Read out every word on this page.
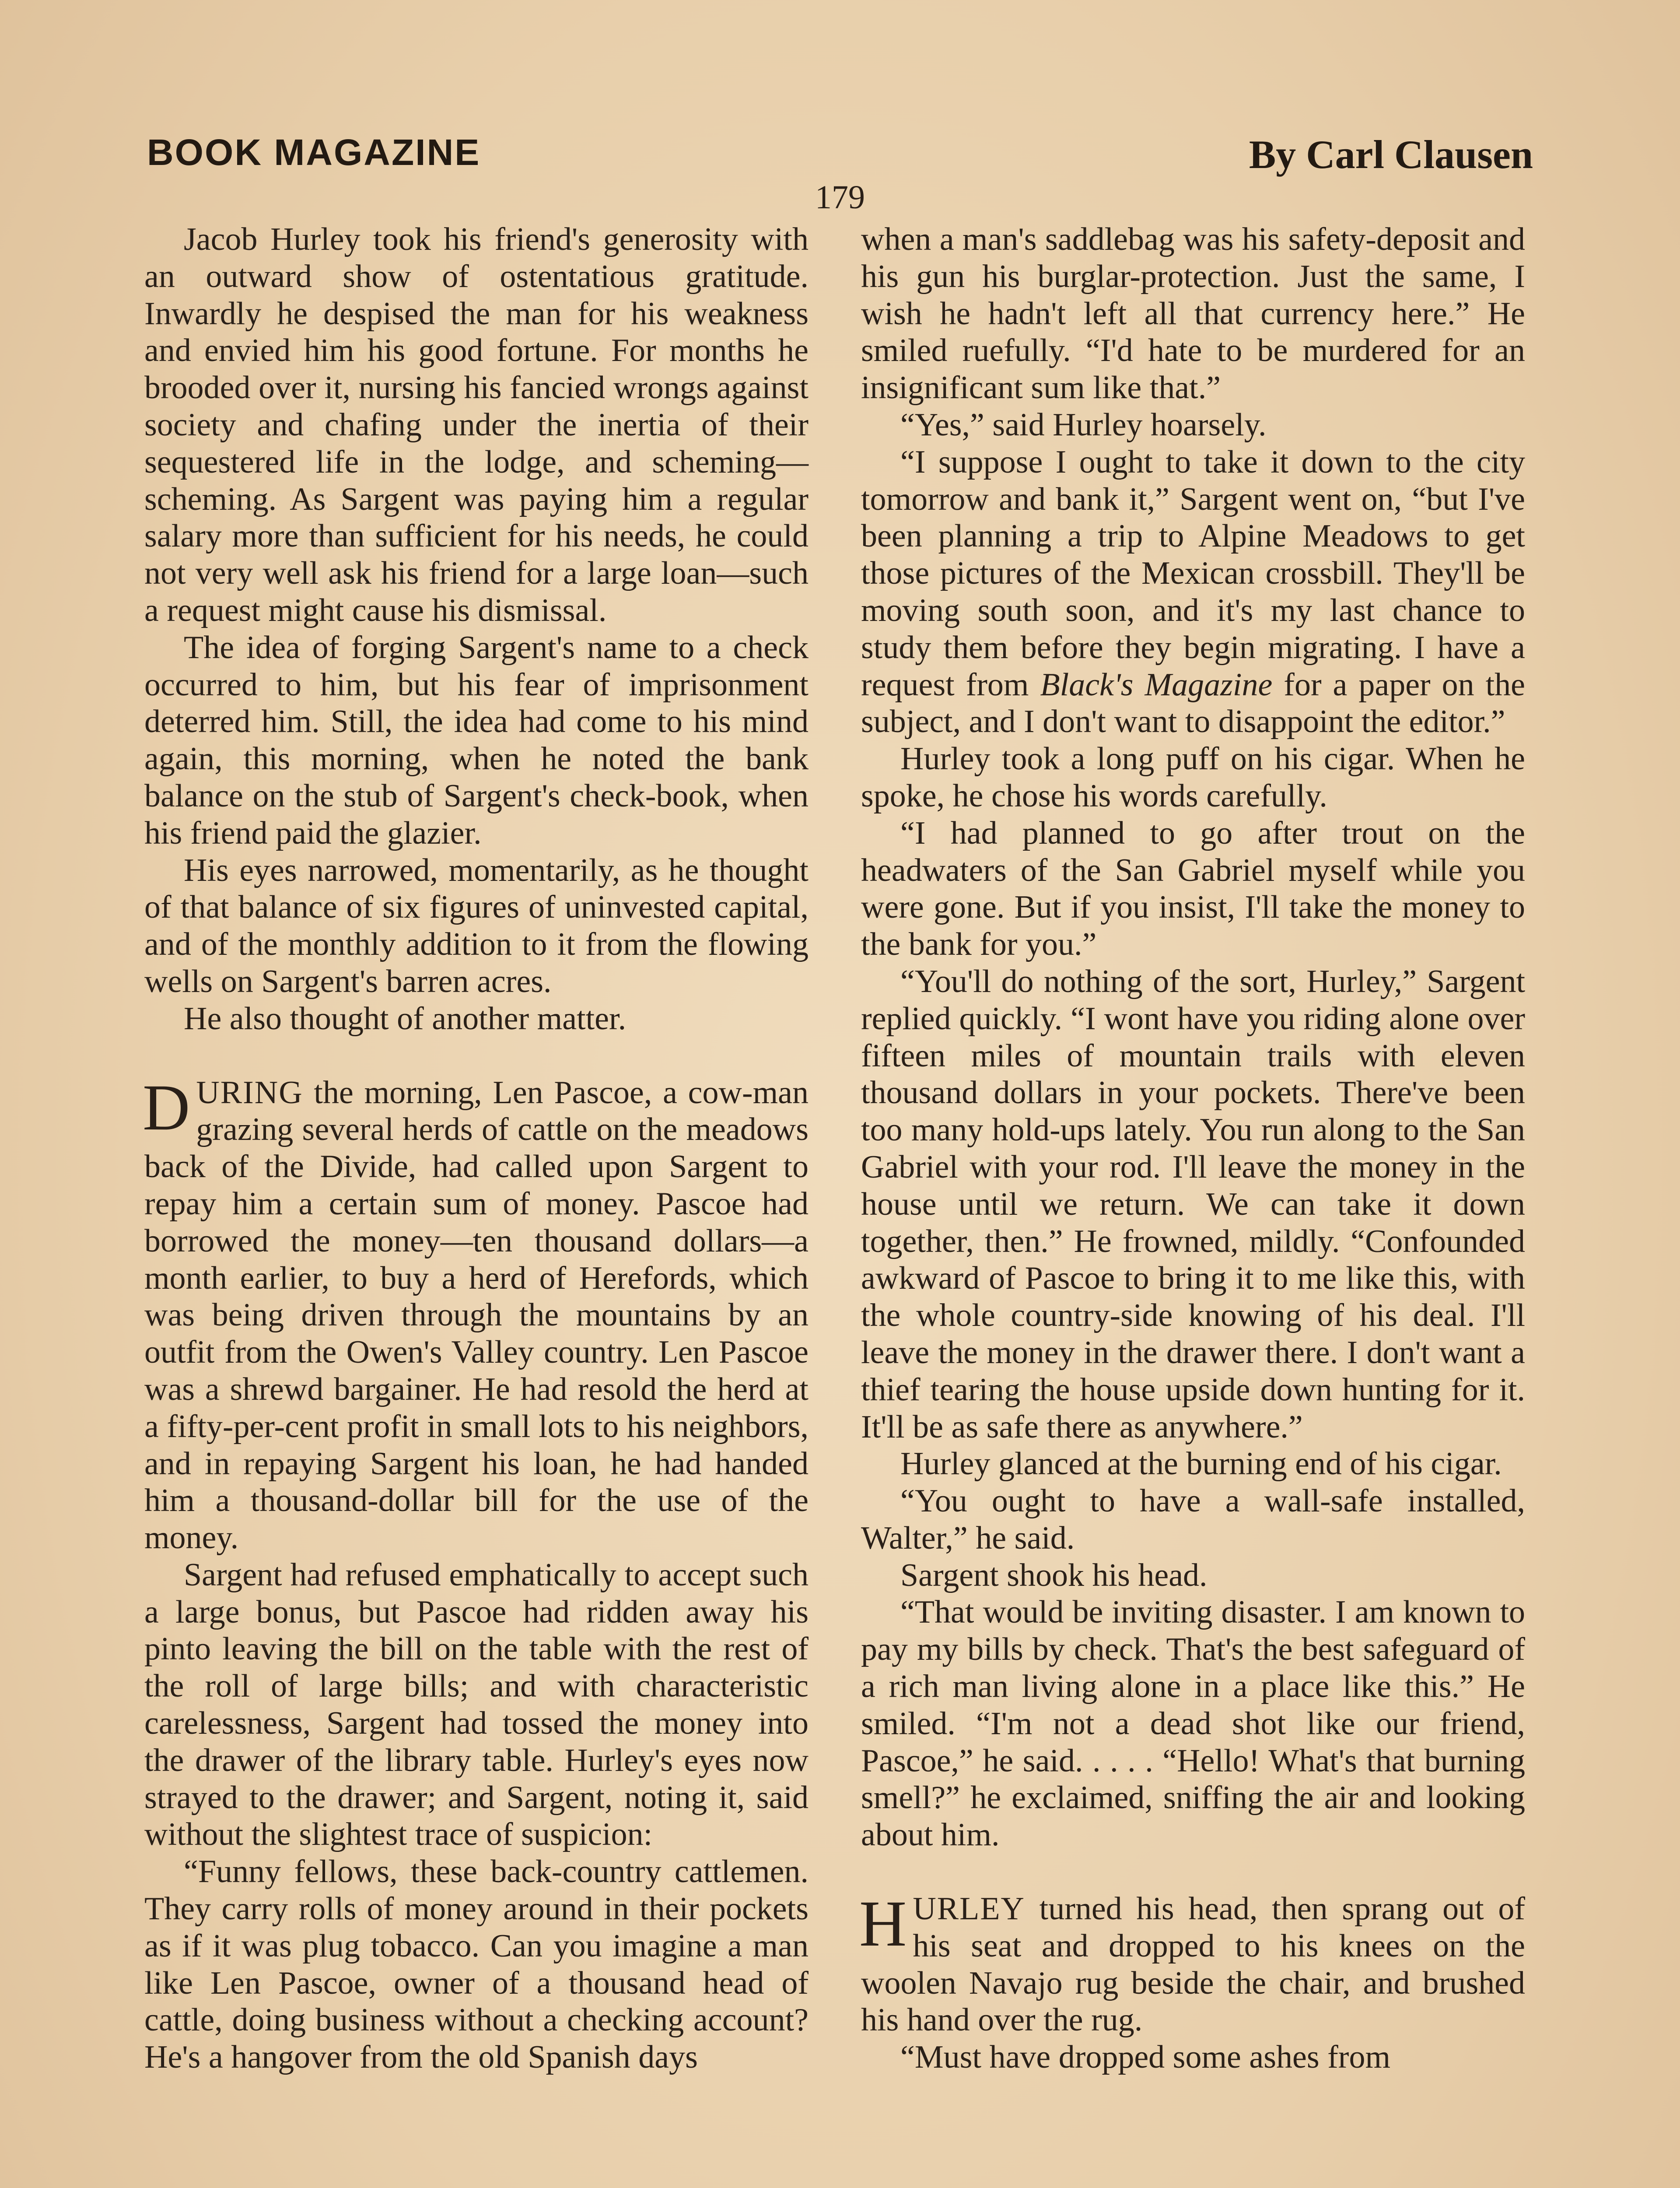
BOOK MAGAZINE	By Carl Clausen
179

Jacob Hurley took his friend's generosity with an outward show of ostentatious gratitude. Inwardly he despised the man for his weakness and envied him his good fortune. For months he brooded over it, nursing his fancied wrongs against society and chafing under the inertia of their sequestered life in the lodge, and scheming—scheming. As Sargent was paying him a regular salary more than sufficient for his needs, he could not very well ask his friend for a large loan—such a request might cause his dismissal.

The idea of forging Sargent's name to a check occurred to him, but his fear of imprisonment deterred him. Still, the idea had come to his mind again, this morning, when he noted the bank balance on the stub of Sargent's check-book, when his friend paid the glazier.

His eyes narrowed, momentarily, as he thought of that balance of six figures of uninvested capital, and of the monthly addition to it from the flowing wells on Sargent's barren acres.

He also thought of another matter.

DURING the morning, Len Pascoe, a cow-man grazing several herds of cattle on the meadows back of the Divide, had called upon Sargent to repay him a certain sum of money. Pascoe had borrowed the money—ten thousand dollars—a month earlier, to buy a herd of Herefords, which was being driven through the mountains by an outfit from the Owen's Valley country. Len Pascoe was a shrewd bargainer. He had resold the herd at a fifty-per-cent profit in small lots to his neighbors, and in repaying Sargent his loan, he had handed him a thousand-dollar bill for the use of the money.

Sargent had refused emphatically to accept such a large bonus, but Pascoe had ridden away his pinto leaving the bill on the table with the rest of the roll of large bills; and with characteristic carelessness, Sargent had tossed the money into the drawer of the library table. Hurley's eyes now strayed to the drawer; and Sargent, noting it, said without the slightest trace of suspicion:

“Funny fellows, these back-country cattlemen. They carry rolls of money around in their pockets as if it was plug tobacco. Can you imagine a man like Len Pascoe, owner of a thousand head of cattle, doing business without a checking account? He's a hangover from the old Spanish days

when a man's saddlebag was his safety-deposit and his gun his burglar-protection. Just the same, I wish he hadn't left all that currency here.” He smiled ruefully. “I'd hate to be murdered for an insignificant sum like that.”

“Yes,” said Hurley hoarsely.

“I suppose I ought to take it down to the city tomorrow and bank it,” Sargent went on, “but I've been planning a trip to Alpine Meadows to get those pictures of the Mexican crossbill. They'll be moving south soon, and it's my last chance to study them before they begin migrating. I have a request from Black's Magazine for a paper on the subject, and I don't want to disappoint the editor.”

Hurley took a long puff on his cigar. When he spoke, he chose his words carefully.

“I had planned to go after trout on the headwaters of the San Gabriel myself while you were gone. But if you insist, I'll take the money to the bank for you.”

“You'll do nothing of the sort, Hurley,” Sargent replied quickly. “I wont have you riding alone over fifteen miles of mountain trails with eleven thousand dollars in your pockets. There've been too many hold-ups lately. You run along to the San Gabriel with your rod. I'll leave the money in the house until we return. We can take it down together, then.” He frowned, mildly. “Confounded awkward of Pascoe to bring it to me like this, with the whole country-side knowing of his deal. I'll leave the money in the drawer there. I don't want a thief tearing the house upside down hunting for it. It'll be as safe there as anywhere.”

Hurley glanced at the burning end of his cigar.

“You ought to have a wall-safe installed, Walter,” he said.

Sargent shook his head.

“That would be inviting disaster. I am known to pay my bills by check. That's the best safeguard of a rich man living alone in a place like this.” He smiled. “I'm not a dead shot like our friend, Pascoe,” he said. . . . . “Hello! What's that burning smell?” he exclaimed, sniffing the air and looking about him.

HURLEY turned his head, then sprang out of his seat and dropped to his knees on the woolen Navajo rug beside the chair, and brushed his hand over the rug.

“Must have dropped some ashes from
